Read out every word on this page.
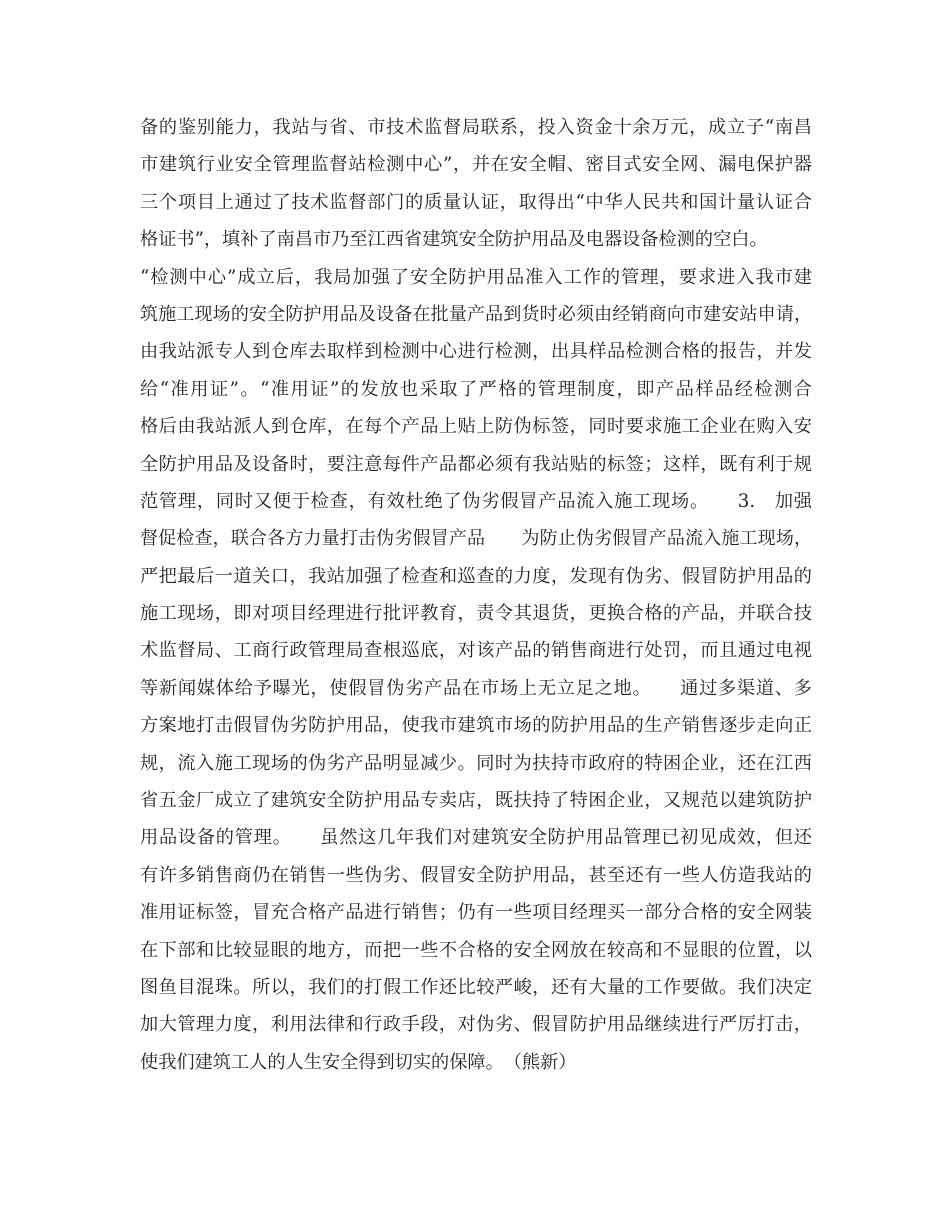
备的鉴别能力，我站与省、市技术监督局联系，投入资金十余万元，成立子“南昌
市建筑行业安全管理监督站检测中心”，并在安全帽、密目式安全网、漏电保护器
三个项目上通过了技术监督部门的质量认证，取得出“中华人民共和国计量认证合
格证书”，填补了南昌市乃至江西省建筑安全防护用品及电器设备检测的空白。
“检测中心”成立后，我局加强了安全防护用品准入工作的管理，要求进入我市建
筑施工现场的安全防护用品及设备在批量产品到货时必须由经销商向市建安站申请，
由我站派专人到仓库去取样到检测中心进行检测，出具样品检测合格的报告，并发
给“准用证”。“准用证”的发放也采取了严格的管理制度，即产品样品经检测合
格后由我站派人到仓库，在每个产品上贴上防伪标签，同时要求施工企业在购入安
全防护用品及设备时，要注意每件产品都必须有我站贴的标签；这样，既有利于规
范管理，同时又便于检查，有效杜绝了伪劣假冒产品流入施工现场。　　3.　加强
督促检查，联合各方力量打击伪劣假冒产品　　为防止伪劣假冒产品流入施工现场，
严把最后一道关口，我站加强了检查和巡查的力度，发现有伪劣、假冒防护用品的
施工现场，即对项目经理进行批评教育，责令其退货，更换合格的产品，并联合技
术监督局、工商行政管理局查根巡底，对该产品的销售商进行处罚，而且通过电视
等新闻媒体给予曝光，使假冒伪劣产品在市场上无立足之地。　　通过多渠道、多
方案地打击假冒伪劣防护用品，使我市建筑市场的防护用品的生产销售逐步走向正
规，流入施工现场的伪劣产品明显减少。同时为扶持市政府的特困企业，还在江西
省五金厂成立了建筑安全防护用品专卖店，既扶持了特困企业，又规范以建筑防护
用品设备的管理。　　虽然这几年我们对建筑安全防护用品管理已初见成效，但还
有许多销售商仍在销售一些伪劣、假冒安全防护用品，甚至还有一些人仿造我站的
准用证标签，冒充合格产品进行销售；仍有一些项目经理买一部分合格的安全网装
在下部和比较显眼的地方，而把一些不合格的安全网放在较高和不显眼的位置，以
图鱼目混珠。所以，我们的打假工作还比较严峻，还有大量的工作要做。我们决定
加大管理力度，利用法律和行政手段，对伪劣、假冒防护用品继续进行严厉打击，
使我们建筑工人的人生安全得到切实的保障。　（熊新）
